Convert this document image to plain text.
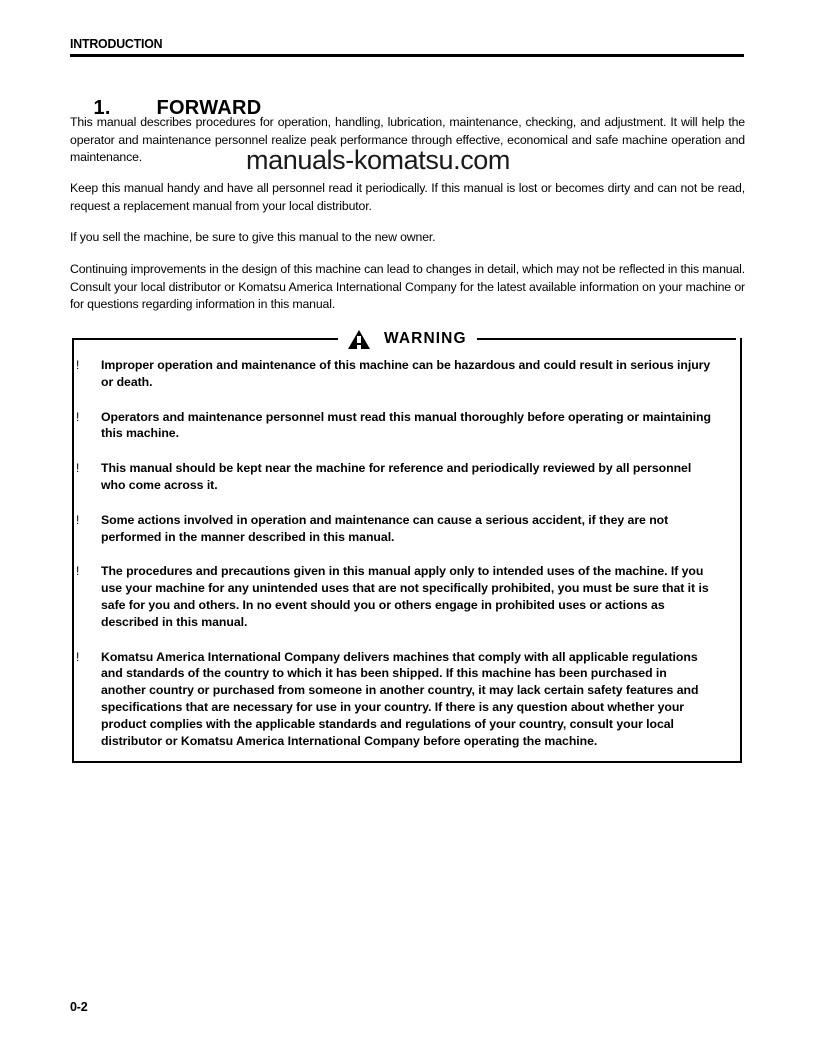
INTRODUCTION

1. FORWARD

This manual describes procedures for operation, handling, lubrication, maintenance, checking, and adjustment. It will help the operator and maintenance personnel realize peak performance through effective, economical and safe machine operation and maintenance.
Keep this manual handy and have all personnel read it periodically. If this manual is lost or becomes dirty and can not be read, request a replacement manual from your local distributor.
If you sell the machine, be sure to give this manual to the new owner.
Continuing improvements in the design of this machine can lead to changes in detail, which may not be reflected in this manual. Consult your local distributor or Komatsu America International Company for the latest available information on your machine or for questions regarding information in this manual.
manuals-komatsu.com
WARNING
!	Improper operation and maintenance of this machine can be hazardous and could result in serious injury or death.
!	Operators and maintenance personnel must read this manual thoroughly before operating or maintaining this machine.
!	This manual should be kept near the machine for reference and periodically reviewed by all personnel who come across it.
!	Some actions involved in operation and maintenance can cause a serious accident, if they are not performed in the manner described in this manual.
!	The procedures and precautions given in this manual apply only to intended uses of the machine. If you use your machine for any unintended uses that are not specifically prohibited, you must be sure that it is safe for you and others. In no event should you or others engage in prohibited uses or actions as described in this manual.
!	Komatsu America International Company delivers machines that comply with all applicable regulations and standards of the country to which it has been shipped. If this machine has been purchased in another country or purchased from someone in another country, it may lack certain safety features and specifications that are necessary for use in your country. If there is any question about whether your product complies with the applicable standards and regulations of your country, consult your local distributor or Komatsu America International Company before operating the machine.
0-2
